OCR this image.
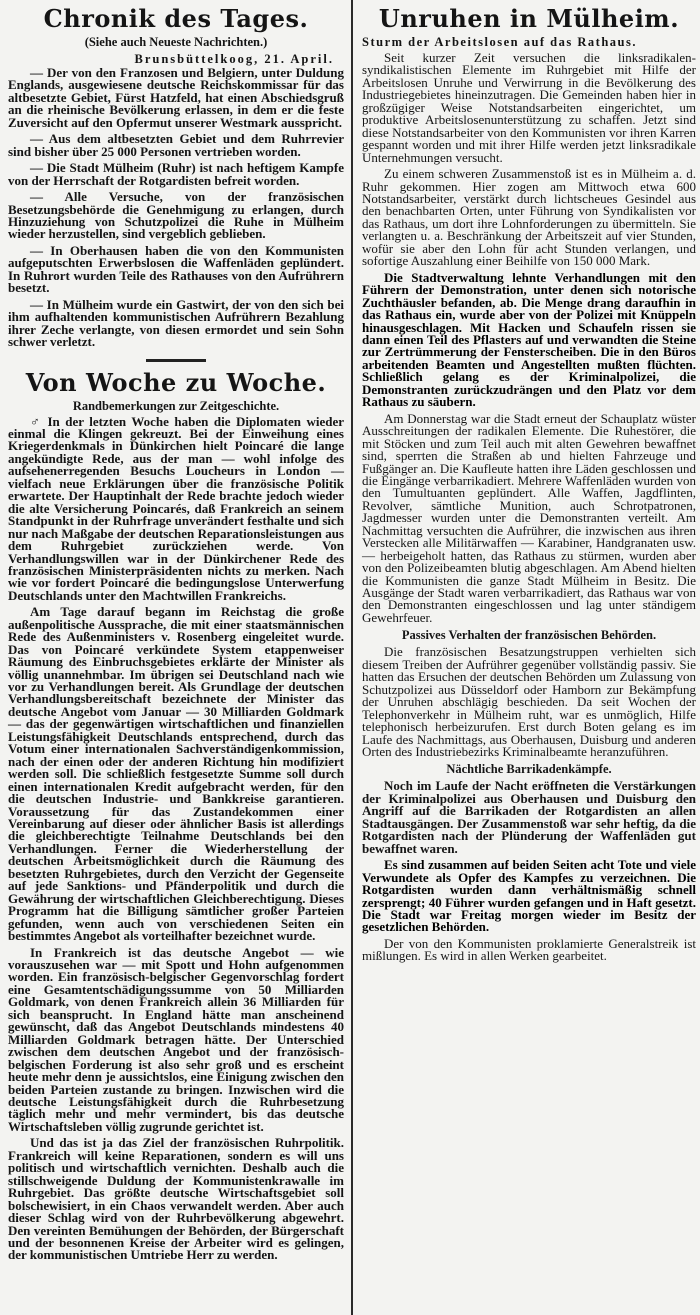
Chronik des Tages.
(Siehe auch Neueste Nachrichten.)
Brunsbüttelkoog, 21. April.

— Der von den Franzosen und Belgiern, unter Duldung Englands, ausgewiesene deutsche Reichskommissar für das altbesetzte Gebiet, Fürst Hatzfeld, hat einen Abschiedsgruß an die rheinische Bevölkerung erlassen, in dem er die feste Zuversicht auf den Opfermut unserer Westmark ausspricht.

— Aus dem altbesetzten Gebiet und dem Ruhrrevier sind bisher über 25 000 Personen vertrieben worden.

— Die Stadt Mülheim (Ruhr) ist nach heftigem Kampfe von der Herrschaft der Rotgardisten befreit worden.

— Alle Versuche, von der französischen Besetzungsbehörde die Genehmigung zu erlangen, durch Hinzuziehung von Schutzpolizei die Ruhe in Mülheim wieder herzustellen, sind vergeblich geblieben.

— In Oberhausen haben die von den Kommunisten aufgeputschten Erwerbslosen die Waffenläden geplündert. In Ruhrort wurden Teile des Rathauses von den Aufrührern besetzt.

— In Mülheim wurde ein Gastwirt, der von den sich bei ihm aufhaltenden kommunistischen Aufrührern Bezahlung ihrer Zeche verlangte, von diesen ermordet und sein Sohn schwer verletzt.

Von Woche zu Woche.
Randbemerkungen zur Zeitgeschichte.

♂ In der letzten Woche haben die Diplomaten wieder einmal die Klingen gekreuzt. Bei der Einweihung eines Kriegerdenkmals in Dünkirchen hielt Poincaré die lange angekündigte Rede, aus der man — wohl infolge des aufsehenerregenden Besuchs Loucheurs in London — vielfach neue Erklärungen über die französische Politik erwartete. Der Hauptinhalt der Rede brachte jedoch wieder die alte Versicherung Poincarés, daß Frankreich an seinem Standpunkt in der Ruhrfrage unverändert festhalte und sich nur nach Maßgabe der deutschen Reparationsleistungen aus dem Ruhrgebiet zurückziehen werde. Von Verhandlungswillen war in der Dünkirchener Rede des französischen Ministerpräsidenten nichts zu merken. Nach wie vor fordert Poincaré die bedingungslose Unterwerfung Deutschlands unter den Machtwillen Frankreichs.

Am Tage darauf begann im Reichstag die große außenpolitische Aussprache, die mit einer staatsmännischen Rede des Außenministers v. Rosenberg eingeleitet wurde. Das von Poincaré verkündete System etappenweiser Räumung des Einbruchsgebietes erklärte der Minister als völlig unannehmbar. Im übrigen sei Deutschland nach wie vor zu Verhandlungen bereit. Als Grundlage der deutschen Verhandlungsbereitschaft bezeichnete der Minister das deutsche Angebot vom Januar — 30 Milliarden Goldmark — das der gegenwärtigen wirtschaftlichen und finanziellen Leistungsfähigkeit Deutschlands entsprechend, durch das Votum einer internationalen Sachverständigenkommission, nach der einen oder der anderen Richtung hin modifiziert werden soll. Die schließlich festgesetzte Summe soll durch einen internationalen Kredit aufgebracht werden, für den die deutschen Industrie- und Bankkreise garantieren. Voraussetzung für das Zustandekommen einer Vereinbarung auf dieser oder ähnlicher Basis ist allerdings die gleichberechtigte Teilnahme Deutschlands bei den Verhandlungen. Ferner die Wiederherstellung der deutschen Arbeitsmöglichkeit durch die Räumung des besetzten Ruhrgebietes, durch den Verzicht der Gegenseite auf jede Sanktions- und Pfänderpolitik und durch die Gewährung der wirtschaftlichen Gleichberechtigung. Dieses Programm hat die Billigung sämtlicher großer Parteien gefunden, wenn auch von verschiedenen Seiten ein bestimmtes Angebot als vorteilhafter bezeichnet wurde.

In Frankreich ist das deutsche Angebot — wie vorauszusehen war — mit Spott und Hohn aufgenommen worden. Ein französisch-belgischer Gegenvorschlag fordert eine Gesamtentschädigungssumme von 50 Milliarden Goldmark, von denen Frankreich allein 36 Milliarden für sich beansprucht. In England hätte man anscheinend gewünscht, daß das Angebot Deutschlands mindestens 40 Milliarden Goldmark betragen hätte. Der Unterschied zwischen dem deutschen Angebot und der französisch-belgischen Forderung ist also sehr groß und es erscheint heute mehr denn je aussichtslos, eine Einigung zwischen den beiden Parteien zustande zu bringen. Inzwischen wird die deutsche Leistungsfähigkeit durch die Ruhrbesetzung täglich mehr und mehr vermindert, bis das deutsche Wirtschaftsleben völlig zugrunde gerichtet ist.

Und das ist ja das Ziel der französischen Ruhrpolitik. Frankreich will keine Reparationen, sondern es will uns politisch und wirtschaftlich vernichten. Deshalb auch die stillschweigende Duldung der Kommunistenkrawalle im Ruhrgebiet. Das größte deutsche Wirtschaftsgebiet soll bolschewisiert, in ein Chaos verwandelt werden. Aber auch dieser Schlag wird von der Ruhrbevölkerung abgewehrt. Den vereinten Bemühungen der Behörden, der Bürgerschaft und der besonnenen Kreise der Arbeiter wird es gelingen, der kommunistischen Umtriebe Herr zu werden.

Unruhen in Mülheim.
Sturm der Arbeitslosen auf das Rathaus.

Seit kurzer Zeit versuchen die linksradikalen-syndikalistischen Elemente im Ruhrgebiet mit Hilfe der Arbeitslosen Unruhe und Verwirrung in die Bevölkerung des Industriegebietes hineinzutragen. Die Gemeinden haben hier in großzügiger Weise Notstandsarbeiten eingerichtet, um produktive Arbeitslosenunterstützung zu schaffen. Jetzt sind diese Notstandsarbeiter von den Kommunisten vor ihren Karren gespannt worden und mit ihrer Hilfe werden jetzt linksradikale Unternehmungen versucht.

Zu einem schweren Zusammenstoß ist es in Mülheim a. d. Ruhr gekommen. Hier zogen am Mittwoch etwa 600 Notstandsarbeiter, verstärkt durch lichtscheues Gesindel aus den benachbarten Orten, unter Führung von Syndikalisten vor das Rathaus, um dort ihre Lohnforderungen zu übermitteln. Sie verlangten u. a. Beschränkung der Arbeitszeit auf vier Stunden, wofür sie aber den Lohn für acht Stunden verlangen, und sofortige Auszahlung einer Beihilfe von 150 000 Mark.

Die Stadtverwaltung lehnte Verhandlungen mit den Führern der Demonstration, unter denen sich notorische Zuchthäusler befanden, ab. Die Menge drang daraufhin in das Rathaus ein, wurde aber von der Polizei mit Knüppeln hinausgeschlagen. Mit Hacken und Schaufeln rissen sie dann einen Teil des Pflasters auf und verwandten die Steine zur Zertrümmerung der Fensterscheiben. Die in den Büros arbeitenden Beamten und Angestellten mußten flüchten. Schließlich gelang es der Kriminalpolizei, die Demonstranten zurückzudrängen und den Platz vor dem Rathaus zu säubern.

Am Donnerstag war die Stadt erneut der Schauplatz wüster Ausschreitungen der radikalen Elemente. Die Ruhestörer, die mit Stöcken und zum Teil auch mit alten Gewehren bewaffnet sind, sperrten die Straßen ab und hielten Fahrzeuge und Fußgänger an. Die Kaufleute hatten ihre Läden geschlossen und die Eingänge verbarrikadiert. Mehrere Waffenläden wurden von den Tumultuanten geplündert. Alle Waffen, Jagdflinten, Revolver, sämtliche Munition, auch Schrotpatronen, Jagdmesser wurden unter die Demonstranten verteilt. Am Nachmittag versuchten die Aufrührer, die inzwischen aus ihren Verstecken alle Militärwaffen — Karabiner, Handgranaten usw. — herbeigeholt hatten, das Rathaus zu stürmen, wurden aber von den Polizeibeamten blutig abgeschlagen. Am Abend hielten die Kommunisten die ganze Stadt Mülheim in Besitz. Die Ausgänge der Stadt waren verbarrikadiert, das Rathaus war von den Demonstranten eingeschlossen und lag unter ständigem Gewehrfeuer.

Passives Verhalten der französischen Behörden.

Die französischen Besatzungstruppen verhielten sich diesem Treiben der Aufrührer gegenüber vollständig passiv. Sie hatten das Ersuchen der deutschen Behörden um Zulassung von Schutzpolizei aus Düsseldorf oder Hamborn zur Bekämpfung der Unruhen abschlägig beschieden. Da seit Wochen der Telephonverkehr in Mülheim ruht, war es unmöglich, Hilfe telephonisch herbeizurufen. Erst durch Boten gelang es im Laufe des Nachmittags, aus Oberhausen, Duisburg und anderen Orten des Industriebezirks Kriminalbeamte heranzuführen.

Nächtliche Barrikadenkämpfe.

Noch im Laufe der Nacht eröffneten die Verstärkungen der Kriminalpolizei aus Oberhausen und Duisburg den Angriff auf die Barrikaden der Rotgardisten an allen Stadtausgängen. Der Zusammenstoß war sehr heftig, da die Rotgardisten nach der Plünderung der Waffenläden gut bewaffnet waren.

Es sind zusammen auf beiden Seiten acht Tote und viele Verwundete als Opfer des Kampfes zu verzeichnen. Die Rotgardisten wurden dann verhältnismäßig schnell zersprengt; 40 Führer wurden gefangen und in Haft gesetzt. Die Stadt war Freitag morgen wieder im Besitz der gesetzlichen Behörden.

Der von den Kommunisten proklamierte Generalstreik ist mißlungen. Es wird in allen Werken gearbeitet.
